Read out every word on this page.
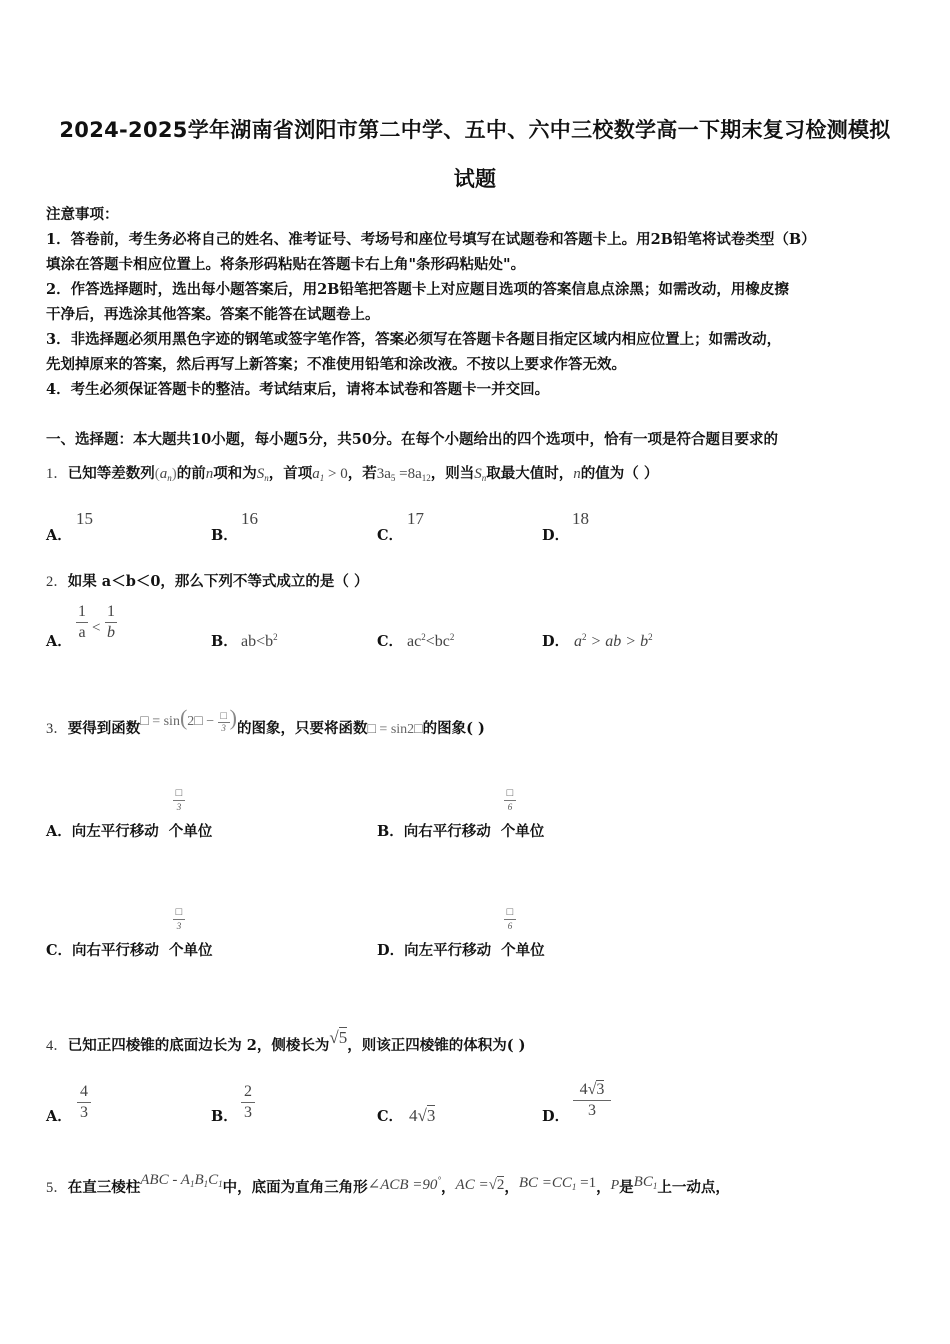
2024-2025学年湖南省浏阳市第二中学、五中、六中三校数学高一下期末复习检测模拟
试题
注意事项：
1．答卷前，考生务必将自己的姓名、准考证号、考场号和座位号填写在试题卷和答题卡上。用2B铅笔将试卷类型（B）
填涂在答题卡相应位置上。将条形码粘贴在答题卡右上角"条形码粘贴处"。
2．作答选择题时，选出每小题答案后，用2B铅笔把答题卡上对应题目选项的答案信息点涂黑；如需改动，用橡皮擦
干净后，再选涂其他答案。答案不能答在试题卷上。
3．非选择题必须用黑色字迹的钢笔或签字笔作答，答案必须写在答题卡各题目指定区域内相应位置上；如需改动，
先划掉原来的答案，然后再写上新答案；不准使用铅笔和涂改液。不按以上要求作答无效。
4．考生必须保证答题卡的整洁。考试结束后，请将本试卷和答题卡一并交回。
一、选择题：本大题共10小题，每小题5分，共50分。在每个小题给出的四个选项中，恰有一项是符合题目要求的
1．已知等差数列$(a_n)$的前n项和为$S_n$，首项$a_1 > 0$，若$3a_5 =8a_{12}$，则当$S_n$取最大值时，n的值为（ ）
A．
15
B．
16
C．
17
D．
18
2．如果 a＜b＜0，那么下列不等式成立的是（ ）
A．
1
a <
1
b
B． $ab<b^2$	C． $ac^2<bc^2$	D． $a^2$ > ab > $b^2$
3．要得到函数□ = sin(2□ − □
3 )的图象，只要将函数□ = sin2□的图象( )
□
3
A．向左平行移动 个单位
□
6
B．向右平行移动 个单位
□
3
C．向右平行移动 个单位
□
6
D．向左平行移动 个单位
4．已知正四棱锥的底面边长为 2，侧棱长为√5，则该正四棱锥的体积为( )
A．
4
3	B．
2
3	C． 4√3	D．
4√3
3
5．在直三棱柱ABC - $A_1B_1C_1$中，底面为直角三角形∠ACB =90°，AC =√2，BC $=CC_1 =1$，P是$BC_1$上一动点，
